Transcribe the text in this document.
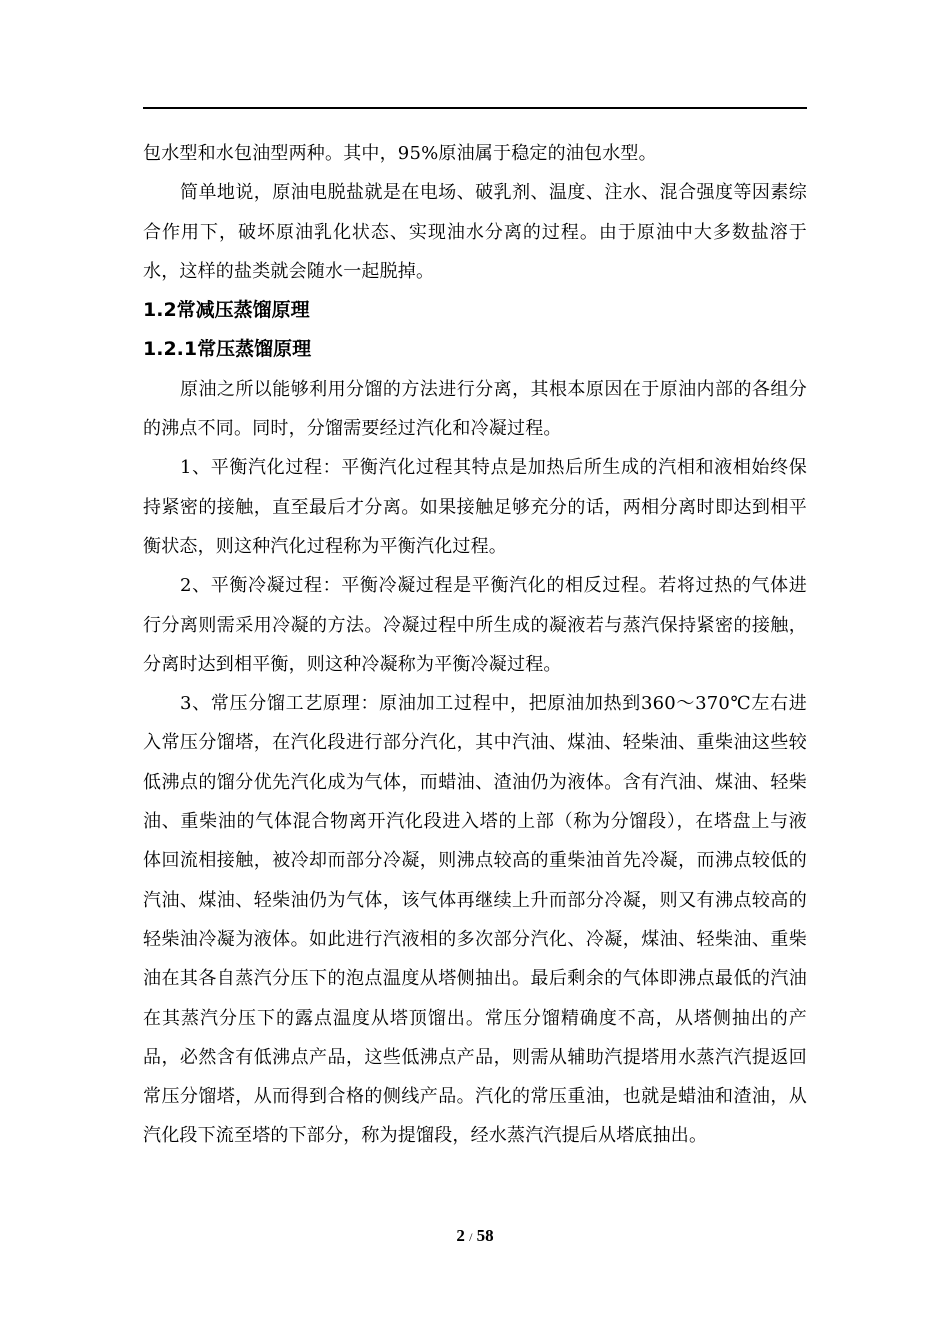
包水型和水包油型两种。其中，95%原油属于稳定的油包水型。

简单地说，原油电脱盐就是在电场、破乳剂、温度、注水、混合强度等因素综合作用下，破坏原油乳化状态、实现油水分离的过程。由于原油中大多数盐溶于水，这样的盐类就会随水一起脱掉。

1.2常减压蒸馏原理
1.2.1常压蒸馏原理

原油之所以能够利用分馏的方法进行分离，其根本原因在于原油内部的各组分的沸点不同。同时，分馏需要经过汽化和冷凝过程。

1、平衡汽化过程：平衡汽化过程其特点是加热后所生成的汽相和液相始终保持紧密的接触，直至最后才分离。如果接触足够充分的话，两相分离时即达到相平衡状态，则这种汽化过程称为平衡汽化过程。

2、平衡冷凝过程：平衡冷凝过程是平衡汽化的相反过程。若将过热的气体进行分离则需采用冷凝的方法。冷凝过程中所生成的凝液若与蒸汽保持紧密的接触，分离时达到相平衡，则这种冷凝称为平衡冷凝过程。

3、常压分馏工艺原理：原油加工过程中，把原油加热到360～370℃左右进入常压分馏塔，在汽化段进行部分汽化，其中汽油、煤油、轻柴油、重柴油这些较低沸点的馏分优先汽化成为气体，而蜡油、渣油仍为液体。含有汽油、煤油、轻柴油、重柴油的气体混合物离开汽化段进入塔的上部（称为分馏段），在塔盘上与液体回流相接触，被冷却而部分冷凝，则沸点较高的重柴油首先冷凝，而沸点较低的汽油、煤油、轻柴油仍为气体，该气体再继续上升而部分冷凝，则又有沸点较高的轻柴油冷凝为液体。如此进行汽液相的多次部分汽化、冷凝，煤油、轻柴油、重柴油在其各自蒸汽分压下的泡点温度从塔侧抽出。最后剩余的气体即沸点最低的汽油在其蒸汽分压下的露点温度从塔顶馏出。常压分馏精确度不高，从塔侧抽出的产品，必然含有低沸点产品，这些低沸点产品，则需从辅助汽提塔用水蒸汽汽提返回常压分馏塔，从而得到合格的侧线产品。汽化的常压重油，也就是蜡油和渣油，从汽化段下流至塔的下部分，称为提馏段，经水蒸汽汽提后从塔底抽出。

2 / 58
